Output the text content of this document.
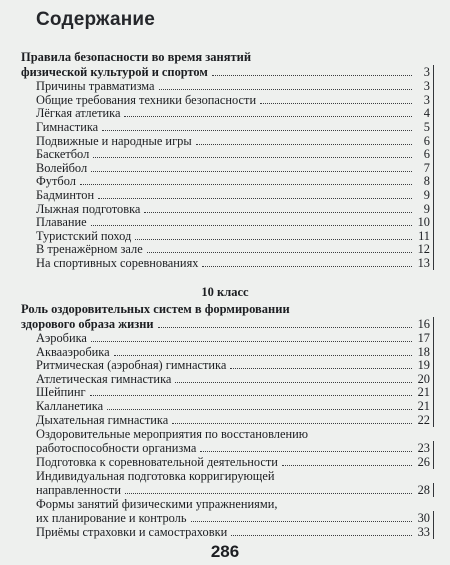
Содержание
Правила безопасности во время занятий
физической культурой и спортом	3
Причины травматизма	3
Общие требования техники безопасности	3
Лёгкая атлетика	4
Гимнастика	5
Подвижные и народные игры	6
Баскетбол	6
Волейбол	7
Футбол	8
Бадминтон	9
Лыжная подготовка	9
Плавание	10
Туристский поход	11
В тренажёрном зале	12
На спортивных соревнованиях	13
10 класс
Роль оздоровительных систем в формировании
здорового образа жизни	16
Аэробика	17
Аквааэробика	18
Ритмическая (аэробная) гимнастика	19
Атлетическая гимнастика	20
Шейпинг	21
Калланетика	21
Дыхательная гимнастика	22
Оздоровительные мероприятия по восстановлению
работоспособности организма	23
Подготовка к соревновательной деятельности	26
Индивидуальная подготовка корригирующей
направленности	28
Формы занятий физическими упражнениями,
их планирование и контроль	30
Приёмы страховки и самостраховки	33
286
